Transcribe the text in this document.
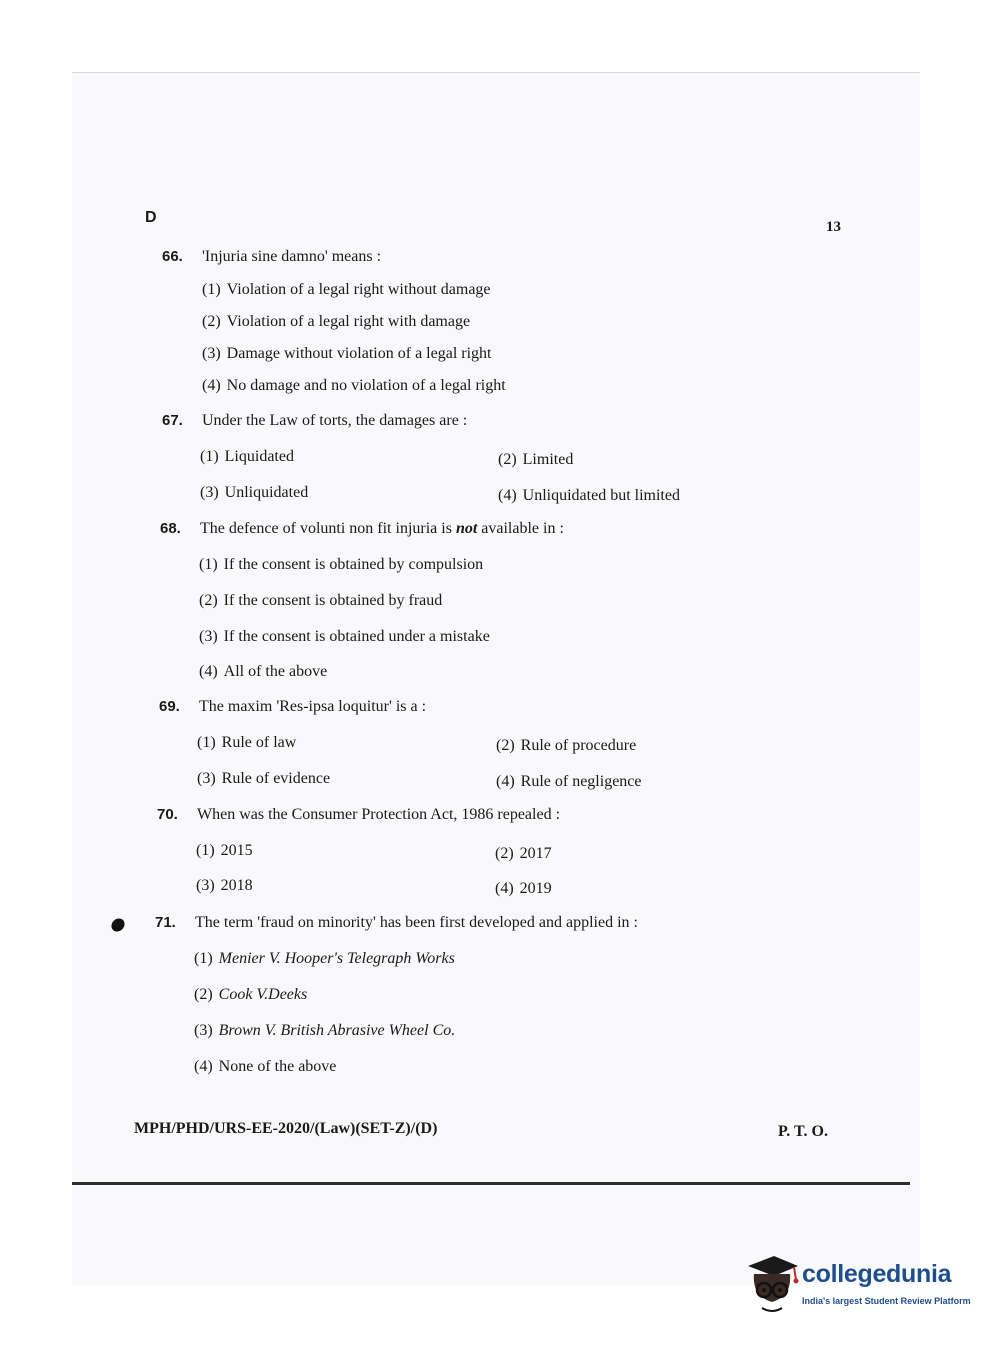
D
13
66. 'Injuria sine damno' means :
(1) Violation of a legal right without damage
(2) Violation of a legal right with damage
(3) Damage without violation of a legal right
(4) No damage and no violation of a legal right
67. Under the Law of torts, the damages are :
(1) Liquidated	(2) Limited
(3) Unliquidated	(4) Unliquidated but limited
68. The defence of volunti non fit injuria is not available in :
(1) If the consent is obtained by compulsion
(2) If the consent is obtained by fraud
(3) If the consent is obtained under a mistake
(4) All of the above
69. The maxim 'Res-ipsa loquitur' is a :
(1) Rule of law	(2) Rule of procedure
(3) Rule of evidence	(4) Rule of negligence
70. When was the Consumer Protection Act, 1986 repealed :
(1) 2015	(2) 2017
(3) 2018	(4) 2019
71. The term 'fraud on minority' has been first developed and applied in :
(1) Menier V. Hooper's Telegraph Works
(2) Cook V.Deeks
(3) Brown V. British Abrasive Wheel Co.
(4) None of the above
MPH/PHD/URS-EE-2020/(Law)(SET-Z)/(D)	P. T. O.
collegedunia
India's largest Student Review Platform
